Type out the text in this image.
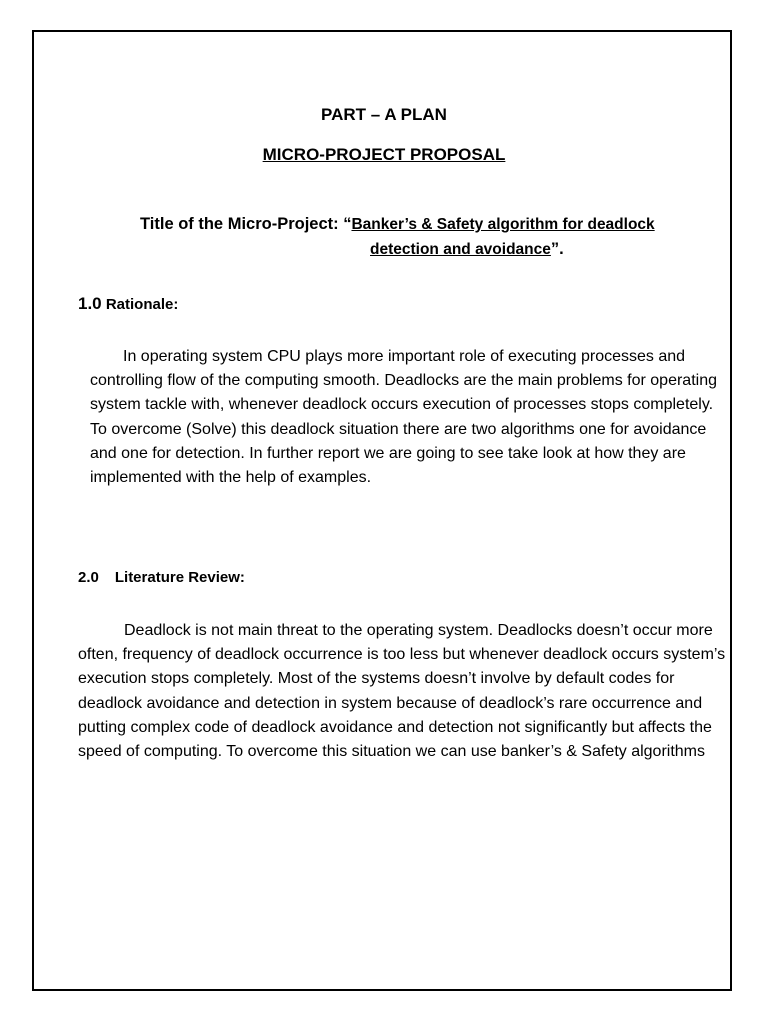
PART – A PLAN
MICRO-PROJECT PROPOSAL
Title of the Micro-Project: “Banker’s & Safety algorithm for deadlock
detection and avoidance”.
1.0 Rationale:

In operating system CPU plays more important role of executing processes and controlling flow of the computing smooth. Deadlocks are the main problems for operating system tackle with, whenever deadlock occurs execution of processes stops completely. To overcome (Solve) this deadlock situation there are two algorithms one for avoidance and one for detection. In further report we are going to see take look at how they are implemented with the help of examples.

2.0 Literature Review:

Deadlock is not main threat to the operating system. Deadlocks doesn’t occur more often, frequency of deadlock occurrence is too less but whenever deadlock occurs system’s execution stops completely. Most of the systems doesn’t involve by default codes for deadlock avoidance and detection in system because of deadlock’s rare occurrence and putting complex code of deadlock avoidance and detection not significantly but affects the speed of computing. To overcome this situation we can use banker’s & Safety algorithms
